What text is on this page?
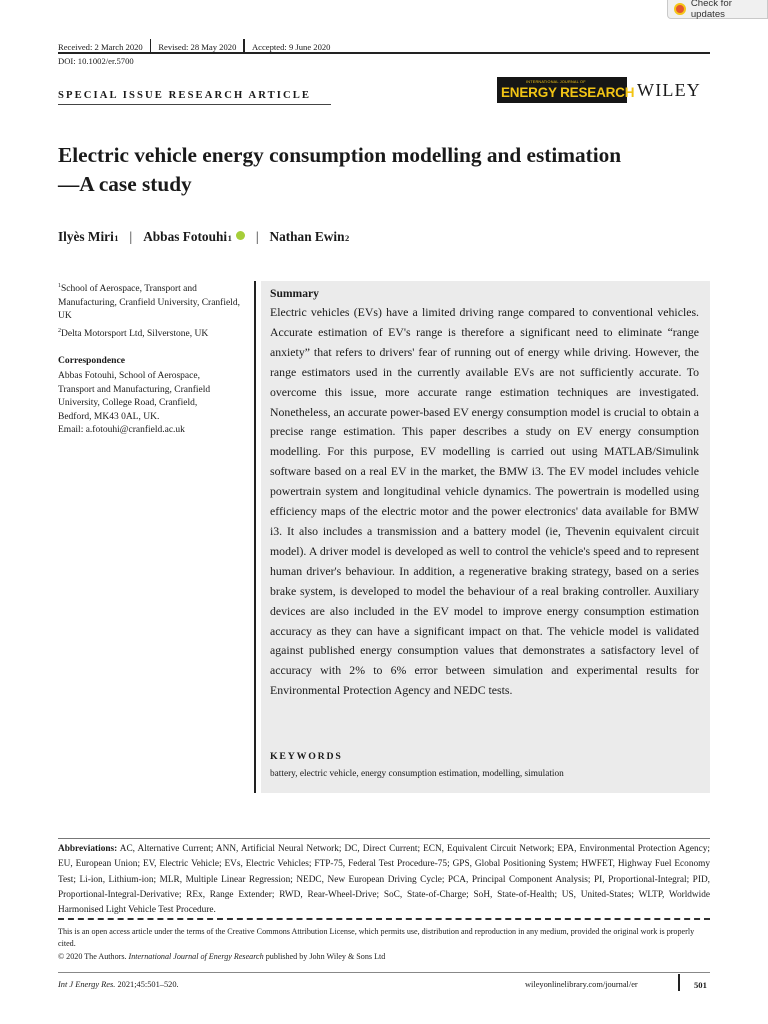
Check for updates
Received: 2 March 2020 Revised: 28 May 2020 Accepted: 9 June 2020
DOI: 10.1002/er.5700
SPECIAL ISSUE RESEARCH ARTICLE
INTERNATIONAL JOURNAL OF
ENERGY RESEARCH WILEY
Electric vehicle energy consumption modelling and estimation—A case study
Ilyès Miri 1 | Abbas Fotouhi 1 | Nathan Ewin 2
$^1$School of Aerospace, Transport and Manufacturing, Cranfield University, Cranfield, UK
$^2$Delta Motorsport Ltd, Silverstone, UK
Correspondence
Abbas Fotouhi, School of Aerospace,
Transport and Manufacturing, Cranfield
University, College Road, Cranfield,
Bedford, MK43 0AL, UK.
Email: a.fotouhi@cranfield.ac.uk
Summary
Electric vehicles (EVs) have a limited driving range compared to conventional vehicles. Accurate estimation of EV's range is therefore a significant need to eliminate “range anxiety” that refers to drivers' fear of running out of energy while driving. However, the range estimators used in the currently available EVs are not sufficiently accurate. To overcome this issue, more accurate range estimation techniques are investigated. Nonetheless, an accurate power-based EV energy consumption model is crucial to obtain a precise range estimation. This paper describes a study on EV energy consumption modelling. For this purpose, EV modelling is carried out using MATLAB/Simulink software based on a real EV in the market, the BMW i3. The EV model includes vehicle powertrain system and longitudinal vehicle dynamics. The powertrain is modelled using efficiency maps of the electric motor and the power electronics' data available for BMW i3. It also includes a transmission and a battery model (ie, Thevenin equivalent circuit model). A driver model is developed as well to control the vehicle's speed and to represent human driver's behaviour. In addition, a regenerative braking strategy, based on a series brake system, is developed to model the behaviour of a real braking controller. Auxiliary devices are also included in the EV model to improve energy consumption estimation accuracy as they can have a significant impact on that. The vehicle model is validated against published energy consumption values that demonstrates a satisfactory level of accuracy with 2% to 6% error between simulation and experimental results for Environmental Protection Agency and NEDC tests.
KEYWORDS
battery, electric vehicle, energy consumption estimation, modelling, simulation
Abbreviations: AC, Alternative Current; ANN, Artificial Neural Network; DC, Direct Current; ECN, Equivalent Circuit Network; EPA, Environmental Protection Agency; EU, European Union; EV, Electric Vehicle; EVs, Electric Vehicles; FTP-75, Federal Test Procedure-75; GPS, Global Positioning System; HWFET, Highway Fuel Economy Test; Li-ion, Lithium-ion; MLR, Multiple Linear Regression; NEDC, New European Driving Cycle; PCA, Principal Component Analysis; PI, Proportional-Integral; PID, Proportional-Integral-Derivative; REx, Range Extender; RWD, Rear-Wheel-Drive; SoC, State-of-Charge; SoH, State-of-Health; US, United-States; WLTP, Worldwide Harmonised Light Vehicle Test Procedure.
This is an open access article under the terms of the Creative Commons Attribution License, which permits use, distribution and reproduction in any medium, provided the original work is properly cited.
© 2020 The Authors. International Journal of Energy Research published by John Wiley & Sons Ltd
Int J Energy Res. 2021;45:501–520.	wileyonlinelibrary.com/journal/er	501
